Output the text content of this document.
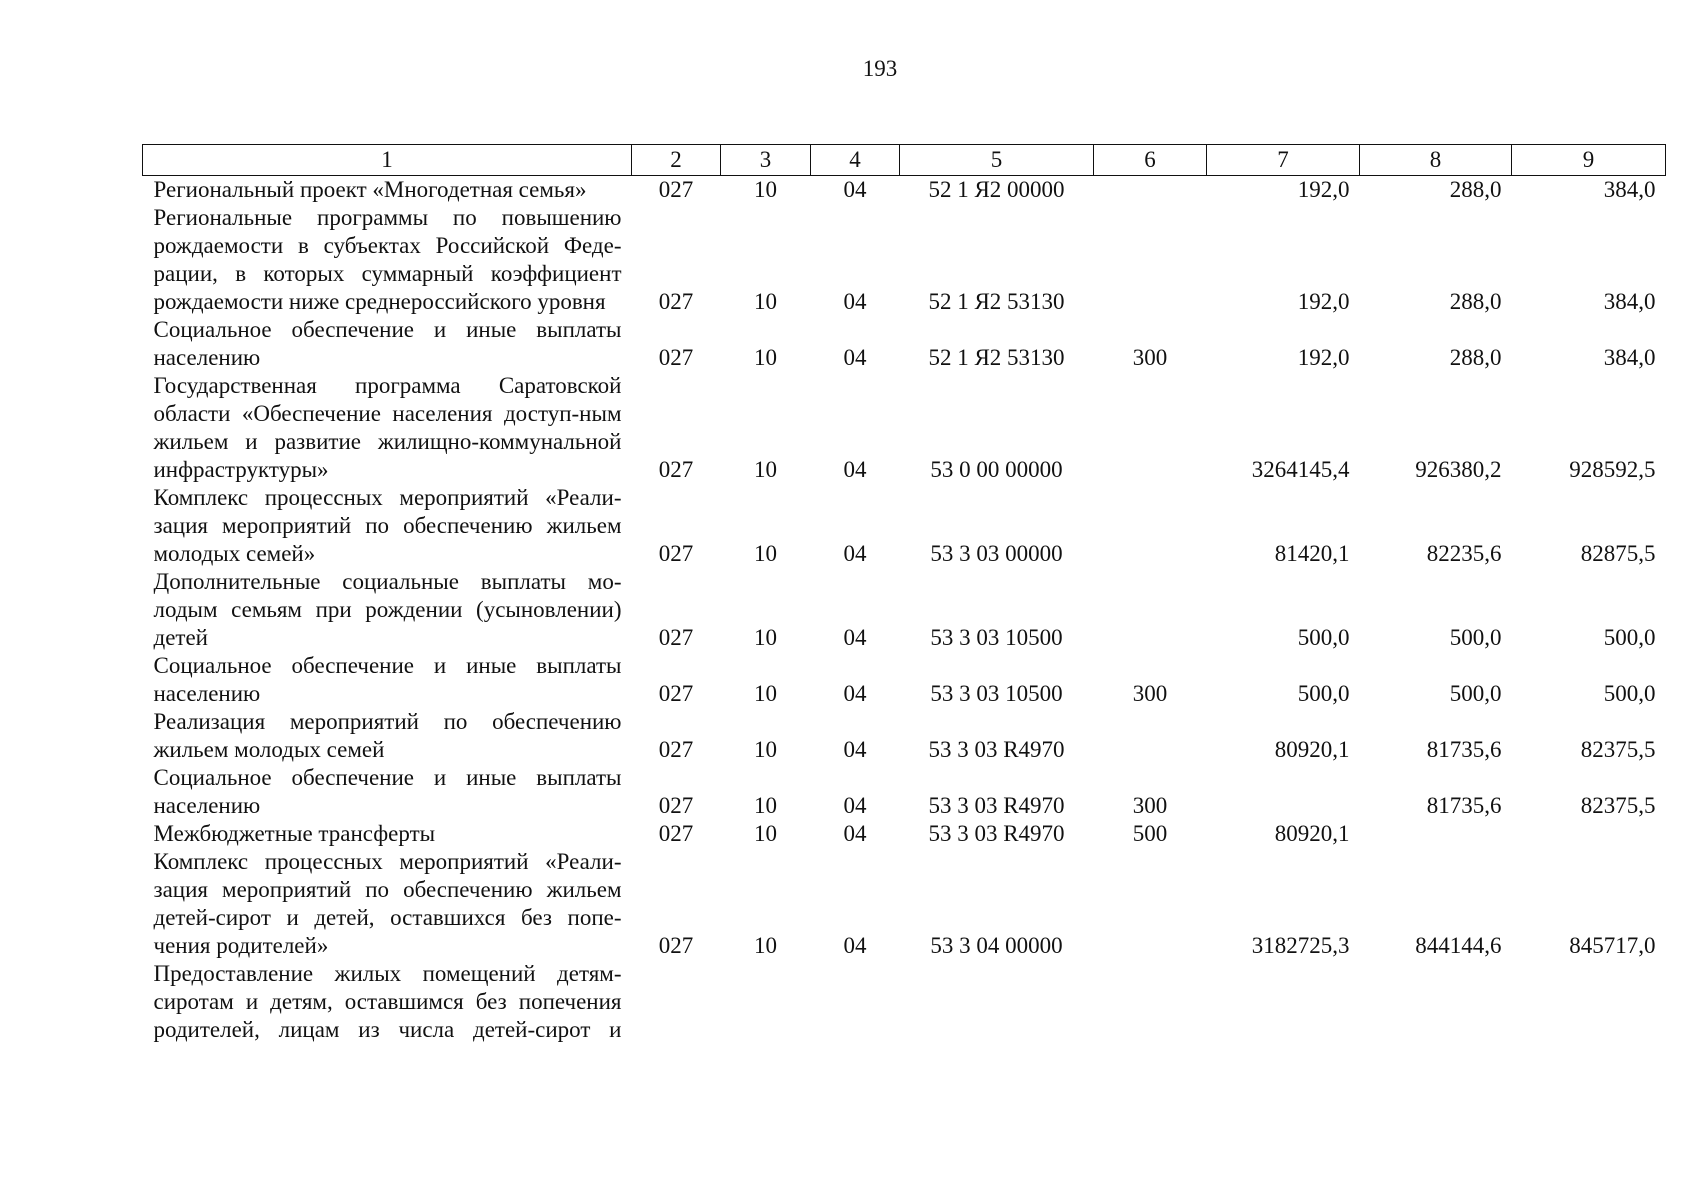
193
1	2	3	4	5	6	7	8	9
Региональный проект «Многодетная семья»	027	10	04	52 1 Я2 00000		192,0	288,0	384,0
Региональные программы по повышению рождаемости в субъектах Российской Феде-рации, в которых суммарный коэффициент рождаемости ниже среднероссийского уровня	027	10	04	52 1 Я2 53130		192,0	288,0	384,0
Социальное обеспечение и иные выплаты населению	027	10	04	52 1 Я2 53130	300	192,0	288,0	384,0
Государственная программа Саратовской области «Обеспечение населения доступ-ным жильем и развитие жилищно-коммунальной инфраструктуры»	027	10	04	53 0 00 00000		3264145,4	926380,2	928592,5
Комплекс процессных мероприятий «Реали-зация мероприятий по обеспечению жильем молодых семей»	027	10	04	53 3 03 00000		81420,1	82235,6	82875,5
Дополнительные социальные выплаты мо-лодым семьям при рождении (усыновлении) детей	027	10	04	53 3 03 10500		500,0	500,0	500,0
Социальное обеспечение и иные выплаты населению	027	10	04	53 3 03 10500	300	500,0	500,0	500,0
Реализация мероприятий по обеспечению жильем молодых семей	027	10	04	53 3 03 R4970		80920,1	81735,6	82375,5
Социальное обеспечение и иные выплаты населению	027	10	04	53 3 03 R4970	300		81735,6	82375,5
Межбюджетные трансферты	027	10	04	53 3 03 R4970	500	80920,1		
Комплекс процессных мероприятий «Реали-зация мероприятий по обеспечению жильем детей-сирот и детей, оставшихся без попе-чения родителей»	027	10	04	53 3 04 00000		3182725,3	844144,6	845717,0
Предоставление жилых помещений детям-сиротам и детям, оставшимся без попечения родителей, лицам из числа детей-сирот и								
